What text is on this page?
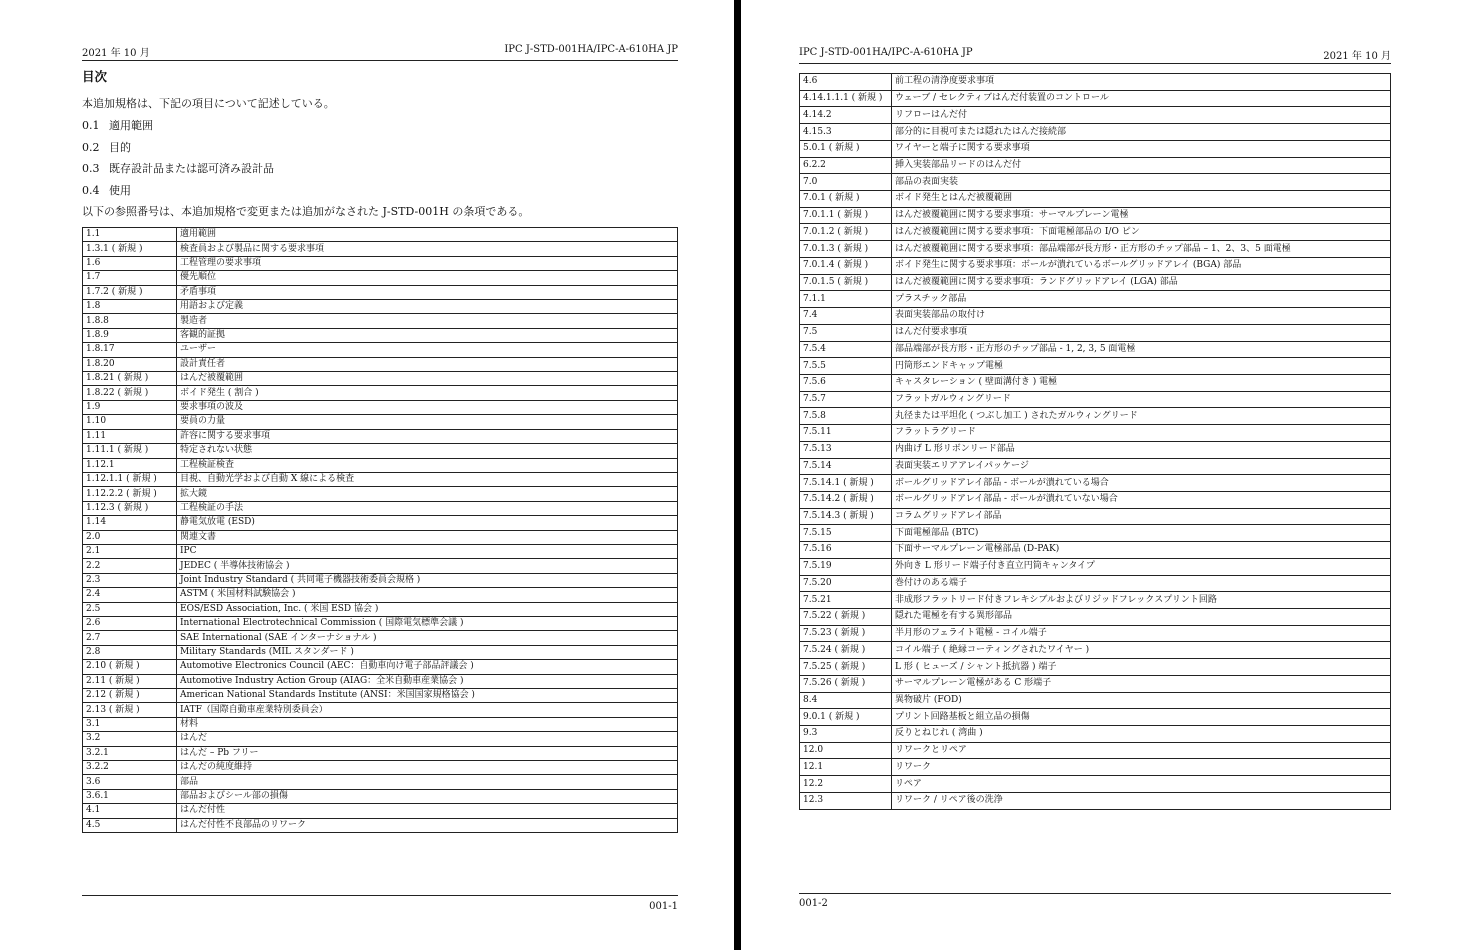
2021 年 10 月	IPC J-STD-001HA/IPC-A-610HA JP
目次
本追加規格は、下記の項目について記述している。
0.1 適用範囲
0.2 目的
0.3 既存設計品または認可済み設計品
0.4 使用
以下の参照番号は、本追加規格で変更または追加がなされた J-STD-001H の条項である。
1.1	適用範囲
1.3.1 ( 新規 )	検査員および製品に関する要求事項
1.6	工程管理の要求事項
1.7	優先順位
1.7.2 ( 新規 )	矛盾事項
1.8	用語および定義
1.8.8	製造者
1.8.9	客観的証拠
1.8.17	ユーザー
1.8.20	設計責任者
1.8.21 ( 新規 )	はんだ被覆範囲
1.8.22 ( 新規 )	ボイド発生 ( 割合 )
1.9	要求事項の波及
1.10	要員の力量
1.11	許容に関する要求事項
1.11.1 ( 新規 )	特定されない状態
1.12.1	工程検証検査
1.12.1.1 ( 新規 )	目視、自動光学および自動 X 線による検査
1.12.2.2 ( 新規 )	拡大鏡
1.12.3 ( 新規 )	工程検証の手法
1.14	静電気放電 (ESD)
2.0	関連文書
2.1	IPC
2.2	JEDEC ( 半導体技術協会 )
2.3	Joint Industry Standard ( 共同電子機器技術委員会規格 )
2.4	ASTM ( 米国材料試験協会 )
2.5	EOS/ESD Association, Inc. ( 米国 ESD 協会 )
2.6	International Electrotechnical Commission ( 国際電気標準会議 )
2.7	SAE International (SAE インターナショナル )
2.8	Military Standards (MIL スタンダード )
2.10 ( 新規 )	Automotive Electronics Council (AEC：自動車向け電子部品評議会 )
2.11 ( 新規 )	Automotive Industry Action Group (AIAG：全米自動車産業協会 )
2.12 ( 新規 )	American National Standards Institute (ANSI：米国国家規格協会 )
2.13 ( 新規 )	IATF（国際自動車産業特別委員会）
3.1	材料
3.2	はんだ
3.2.1	はんだ – Pb フリー
3.2.2	はんだの純度維持
3.6	部品
3.6.1	部品およびシール部の損傷
4.1	はんだ付性
4.5	はんだ付性不良部品のリワーク
001-1
IPC J-STD-001HA/IPC-A-610HA JP	2021 年 10 月
4.6	前工程の清浄度要求事項
4.14.1.1.1 ( 新規 )	ウェーブ / セレクティブはんだ付装置のコントロール
4.14.2	リフローはんだ付
4.15.3	部分的に目視可または隠れたはんだ接続部
5.0.1 ( 新規 )	ワイヤーと端子に関する要求事項
6.2.2	挿入実装部品リードのはんだ付
7.0	部品の表面実装
7.0.1 ( 新規 )	ボイド発生とはんだ被覆範囲
7.0.1.1 ( 新規 )	はんだ被覆範囲に関する要求事項：サーマルプレーン電極
7.0.1.2 ( 新規 )	はんだ被覆範囲に関する要求事項：下面電極部品の I/O ピン
7.0.1.3 ( 新規 )	はんだ被覆範囲に関する要求事項：部品端部が長方形・正方形のチップ部品 – 1、2、3、5 面電極
7.0.1.4 ( 新規 )	ボイド発生に関する要求事項：ボールが潰れているボールグリッドアレイ (BGA) 部品
7.0.1.5 ( 新規 )	はんだ被覆範囲に関する要求事項：ランドグリッドアレイ (LGA) 部品
7.1.1	プラスチック部品
7.4	表面実装部品の取付け
7.5	はんだ付要求事項
7.5.4	部品端部が長方形・正方形のチップ部品 - 1, 2, 3, 5 面電極
7.5.5	円筒形エンドキャップ電極
7.5.6	キャスタレーション ( 壁面溝付き ) 電極
7.5.7	フラットガルウィングリード
7.5.8	丸径または平坦化 ( つぶし加工 ) されたガルウィングリード
7.5.11	フラットラグリード
7.5.13	内曲げ L 形リボンリード部品
7.5.14	表面実装エリアアレイパッケージ
7.5.14.1 ( 新規 )	ボールグリッドアレイ部品 - ボールが潰れている場合
7.5.14.2 ( 新規 )	ボールグリッドアレイ部品 - ボールが潰れていない場合
7.5.14.3 ( 新規 )	コラムグリッドアレイ部品
7.5.15	下面電極部品 (BTC)
7.5.16	下面サーマルプレーン電極部品 (D-PAK)
7.5.19	外向き L 形リード端子付き直立円筒キャンタイプ
7.5.20	巻付けのある端子
7.5.21	非成形フラットリード付きフレキシブルおよびリジッドフレックスプリント回路
7.5.22 ( 新規 )	隠れた電極を有する異形部品
7.5.23 ( 新規 )	半月形のフェライト電極 - コイル端子
7.5.24 ( 新規 )	コイル端子 ( 絶縁コーティングされたワイヤー )
7.5.25 ( 新規 )	L 形 ( ヒューズ / シャント抵抗器 ) 端子
7.5.26 ( 新規 )	サーマルプレーン電極がある C 形端子
8.4	異物破片 (FOD)
9.0.1 ( 新規 )	プリント回路基板と組立品の損傷
9.3	反りとねじれ ( 湾曲 )
12.0	リワークとリペア
12.1	リワーク
12.2	リペア
12.3	リワーク / リペア後の洗浄
001-2
